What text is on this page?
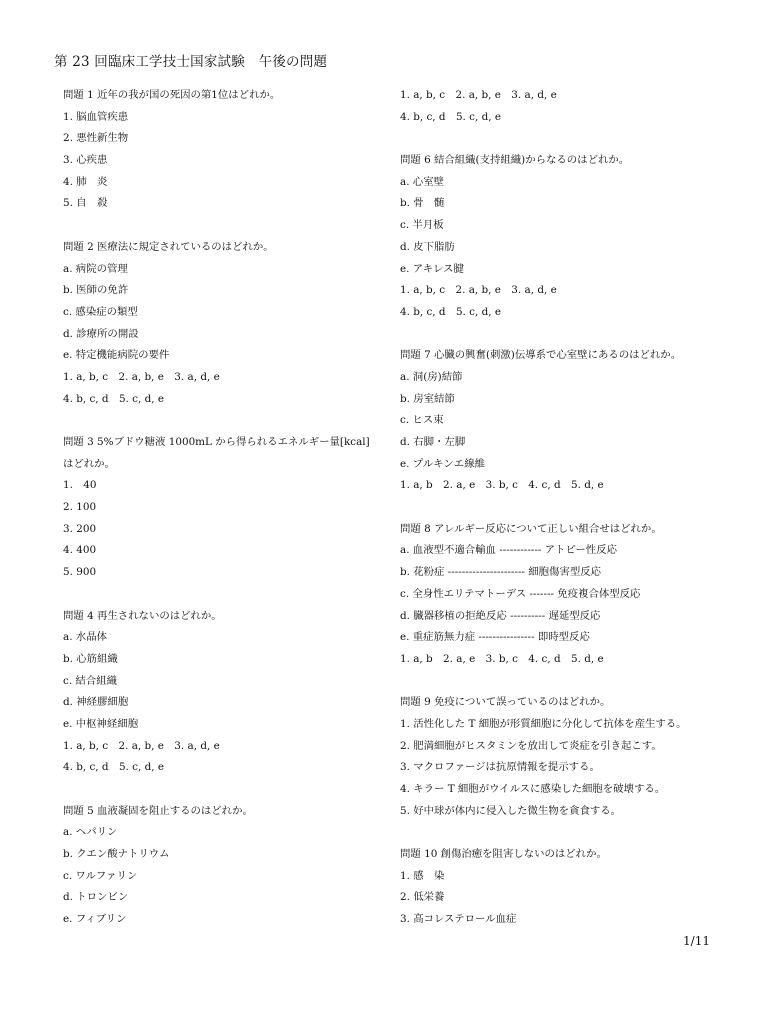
第 23 回臨床工学技士国家試験　午後の問題
問題 1 近年の我が国の死因の第1位はどれか。
1. 脳血管疾患
2. 悪性新生物
3. 心疾患
4. 肺　炎
5. 自　殺
問題 2 医療法に規定されているのはどれか。
a. 病院の管理
b. 医師の免許
c. 感染症の類型
d. 診療所の開設
e. 特定機能病院の要件
1. a, b, c　2. a, b, e　3. a, d, e
4. b, c, d　5. c, d, e
問題 3 5%ブドウ糖液 1000mL から得られるエネルギー量[kcal]
はどれか。
1.　40
2. 100
3. 200
4. 400
5. 900
問題 4 再生されないのはどれか。
a. 水晶体
b. 心筋組織
c. 結合組織
d. 神経膠細胞
e. 中枢神経細胞
1. a, b, c　2. a, b, e　3. a, d, e
4. b, c, d　5. c, d, e
問題 5 血液凝固を阻止するのはどれか。
a. ヘパリン
b. クエン酸ナトリウム
c. ワルファリン
d. トロンビン
e. フィブリン
1. a, b, c　2. a, b, e　3. a, d, e
4. b, c, d　5. c, d, e
問題 6 結合組織(支持組織)からなるのはどれか。
a. 心室壁
b. 骨　髄
c. 半月板
d. 皮下脂肪
e. アキレス腱
1. a, b, c　2. a, b, e　3. a, d, e
4. b, c, d　5. c, d, e
問題 7 心臓の興奮(刺激)伝導系で心室壁にあるのはどれか。
a. 洞(房)結節
b. 房室結節
c. ヒス束
d. 右脚・左脚
e. プルキンエ線維
1. a, b　2. a, e　3. b, c　4. c, d　5. d, e
問題 8 アレルギー反応について正しい組合せはどれか。
a. 血液型不適合輸血 ------------ アトピー性反応
b. 花粉症 ---------------------- 細胞傷害型反応
c. 全身性エリテマトーデス ------- 免疫複合体型反応
d. 臓器移植の拒絶反応 ---------- 遅延型反応
e. 重症筋無力症 ---------------- 即時型反応
1. a, b　2. a, e　3. b, c　4. c, d　5. d, e
問題 9 免疫について誤っているのはどれか。
1. 活性化した T 細胞が形質細胞に分化して抗体を産生する。
2. 肥満細胞がヒスタミンを放出して炎症を引き起こす。
3. マクロファージは抗原情報を提示する。
4. キラー T 細胞がウイルスに感染した細胞を破壊する。
5. 好中球が体内に侵入した微生物を貪食する。
問題 10 創傷治癒を阻害しないのはどれか。
1. 感　染
2. 低栄養
3. 高コレステロール血症
1/11
